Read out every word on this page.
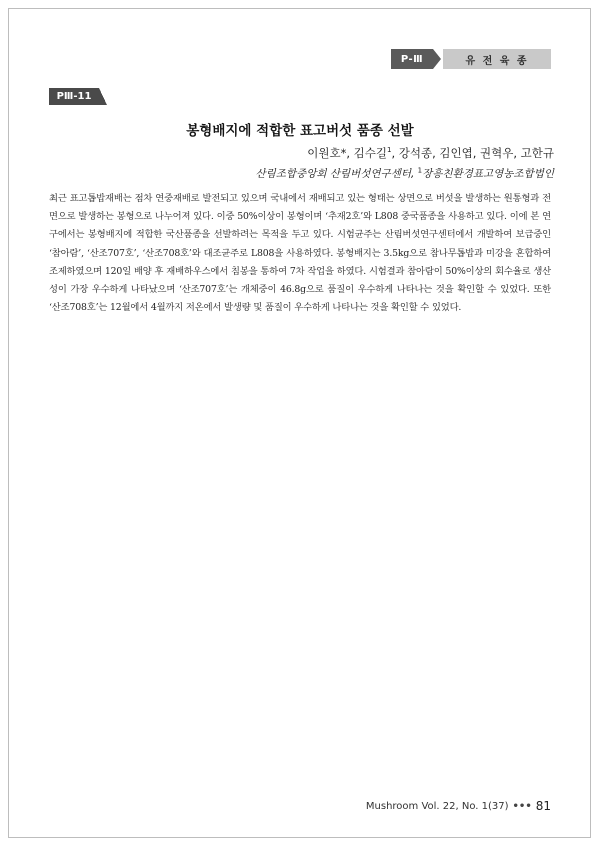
P-Ⅲ	유 전 육 종
PⅢ-11
봉형배지에 적합한 표고버섯 품종 선발
이원호*, 김수길$^1$, 강석종, 김인엽, 권혁우, 고한규
산림조합중앙회 산림버섯연구센터, $^1$장흥친환경표고영농조합법인

최근 표고톱밥재배는 점차 연중재배로 발전되고 있으며 국내에서 재배되고 있는 형태는 상면으로 버섯을 발생하는 원통형과 전면으로 발생하는 봉형으로 나누어져 있다. 이중 50%이상이 봉형이며 ‘추재2호’와 L808 중국품종을 사용하고 있다. 이에 본 연구에서는 봉형배지에 적합한 국산품종을 선발하려는 목적을 두고 있다. 시험균주는 산림버섯연구센터에서 개발하여 보급중인 ‘참아람’, ‘산조707호’, ‘산조708호’와 대조균주로 L808을 사용하였다. 봉형배지는 3.5kg으로 참나무톱밥과 미강을 혼합하여 조제하였으며 120일 배양 후 재배하우스에서 침봉을 통하여 7차 작업을 하였다. 시험결과 참아람이 50%이상의 회수율로 생산성이 가장 우수하게 나타났으며 ‘산조707호’는 개체중이 46.8g으로 품질이 우수하게 나타나는 것을 확인할 수 있었다. 또한 ‘산조708호’는 12월에서 4월까지 저온에서 발생량 및 품질이 우수하게 나타나는 것을 확인할 수 있었다.

Mushroom Vol. 22, No. 1(37) ••• 81
